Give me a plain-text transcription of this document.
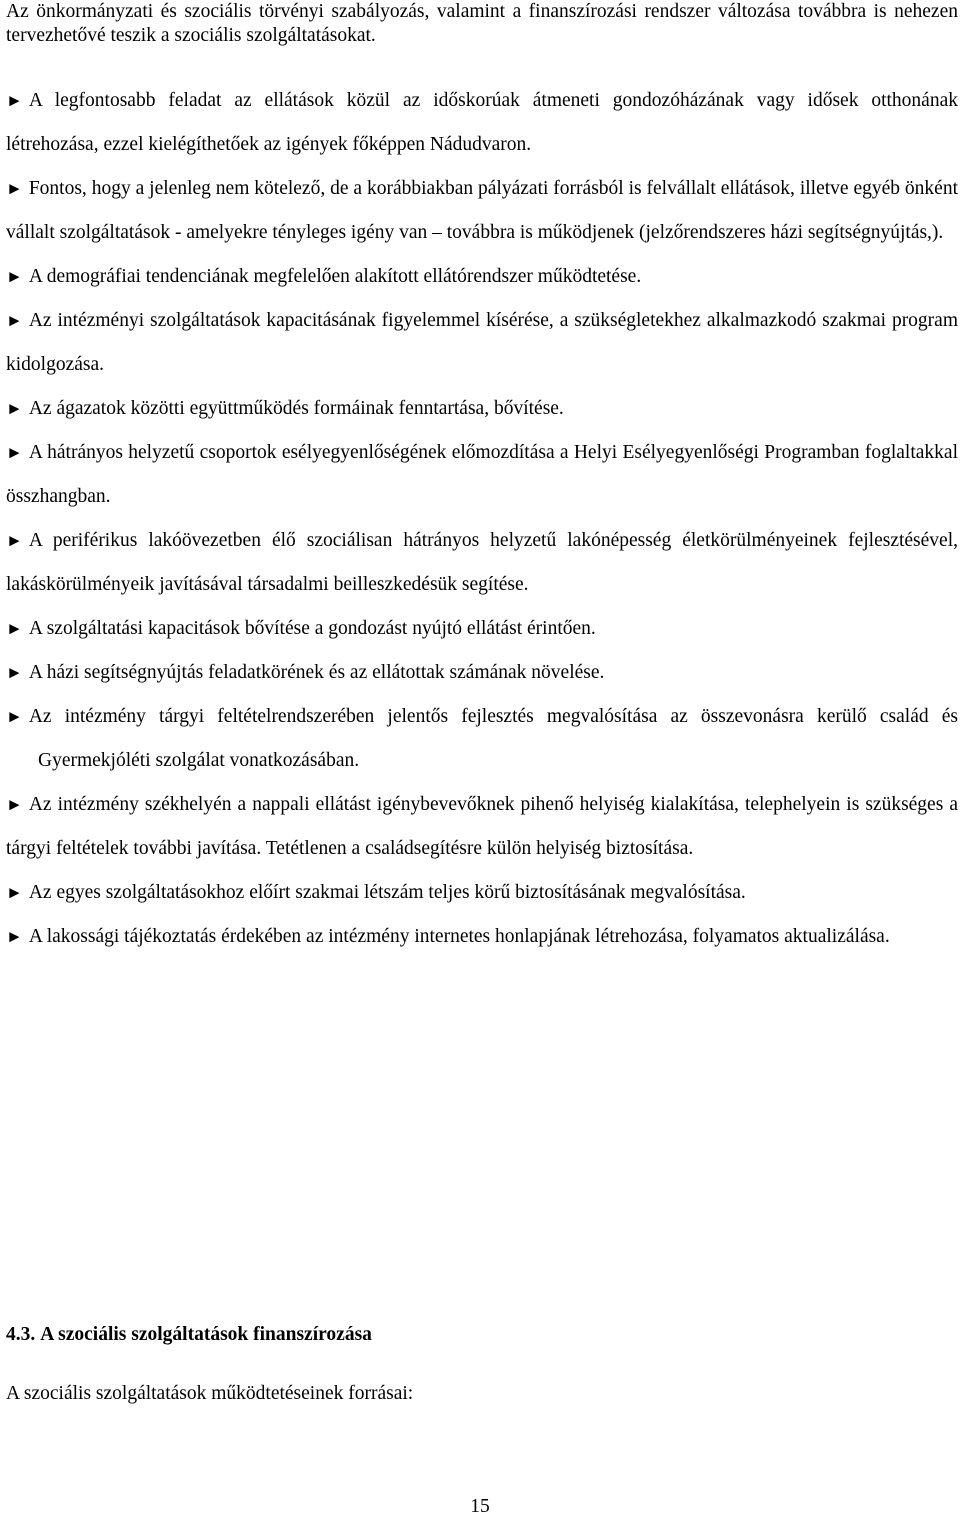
Az önkormányzati és szociális törvényi szabályozás, valamint a finanszírozási rendszer változása továbbra is nehezen tervezhetővé teszik a szociális szolgáltatásokat.

► A legfontosabb feladat az ellátások közül az időskorúak átmeneti gondozóházának vagy idősek otthonának létrehozása, ezzel kielégíthetőek az igények főképpen Nádudvaron.
► Fontos, hogy a jelenleg nem kötelező, de a korábbiakban pályázati forrásból is felvállalt ellátások, illetve egyéb önként vállalt szolgáltatások - amelyekre tényleges igény van – továbbra is működjenek (jelzőrendszeres házi segítségnyújtás,).
► A demográfiai tendenciának megfelelően alakított ellátórendszer működtetése.
► Az intézményi szolgáltatások kapacitásának figyelemmel kísérése, a szükségletekhez alkalmazkodó szakmai program kidolgozása.
► Az ágazatok közötti együttműködés formáinak fenntartása, bővítése.
► A hátrányos helyzetű csoportok esélyegyenlőségének előmozdítása a Helyi Esélyegyenlőségi Programban foglaltakkal összhangban.
► A periférikus lakóövezetben élő szociálisan hátrányos helyzetű lakónépesség életkörülményeinek fejlesztésével, lakáskörülményeik javításával társadalmi beilleszkedésük segítése.
► A szolgáltatási kapacitások bővítése a gondozást nyújtó ellátást érintően.
► A házi segítségnyújtás feladatkörének és az ellátottak számának növelése.
► Az intézmény tárgyi feltételrendszerében jelentős fejlesztés megvalósítása az összevonásra kerülő család és Gyermekjóléti szolgálat vonatkozásában.
► Az intézmény székhelyén a nappali ellátást igénybevevőknek pihenő helyiség kialakítása, telephelyein is szükséges a tárgyi feltételek további javítása. Tetétlenen a családsegítésre külön helyiség biztosítása.
► Az egyes szolgáltatásokhoz előírt szakmai létszám teljes körű biztosításának megvalósítása.
► A lakossági tájékoztatás érdekében az intézmény internetes honlapjának létrehozása, folyamatos aktualizálása.
4.3. A szociális szolgáltatások finanszírozása
A szociális szolgáltatások működtetéseinek forrásai:
15
